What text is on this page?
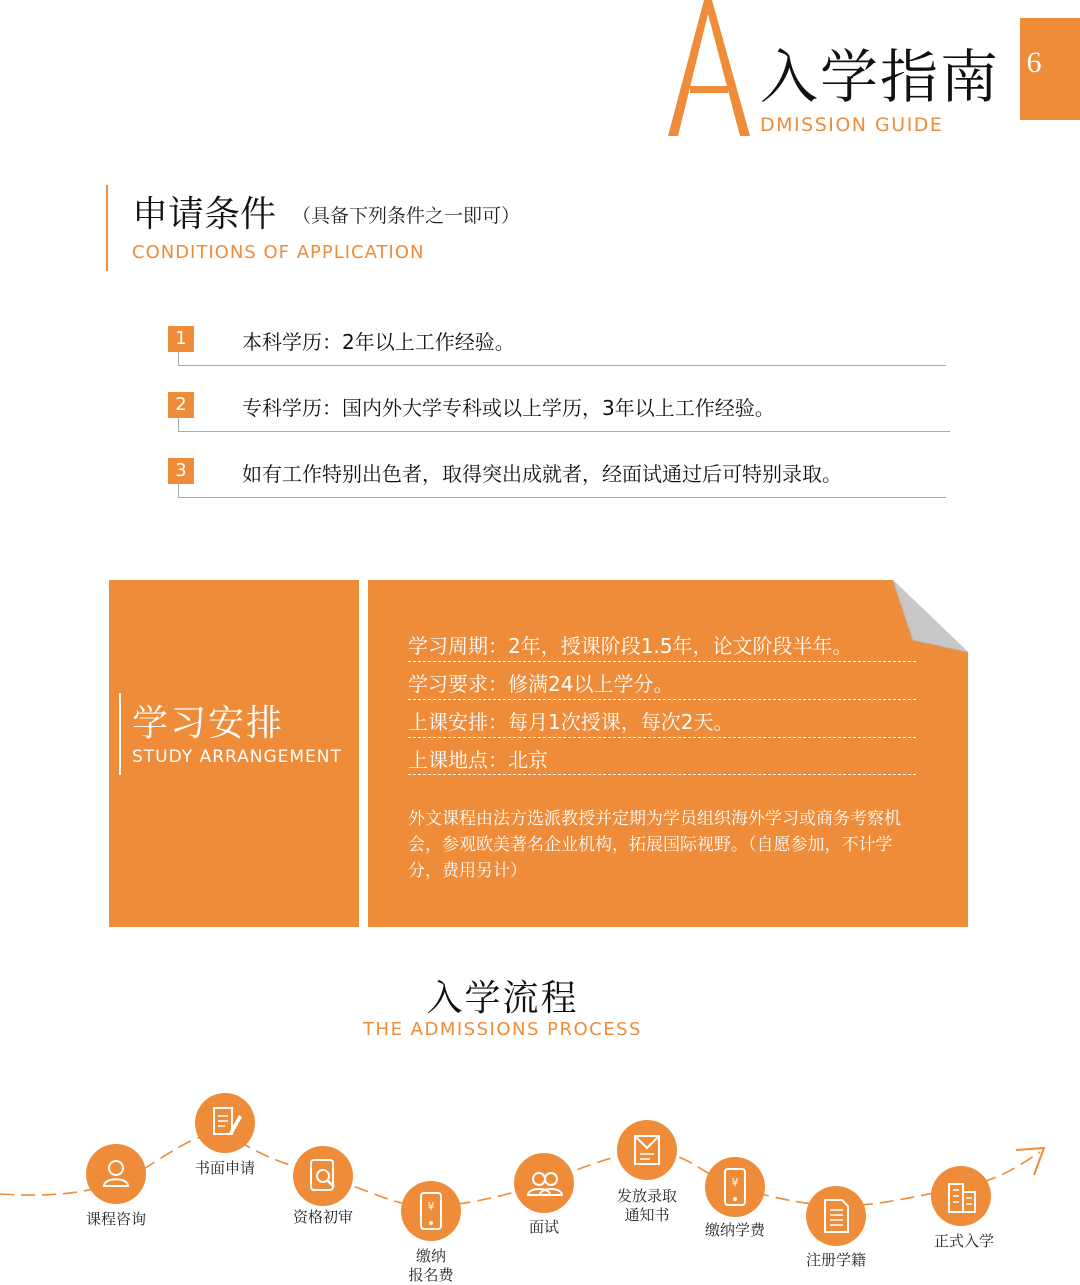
入学指南
DMISSION GUIDE
6
申请条件 （具备下列条件之一即可）
CONDITIONS OF APPLICATION
1	本科学历：2年以上工作经验。
2	专科学历：国内外大学专科或以上学历，3年以上工作经验。
3	如有工作特别出色者，取得突出成就者，经面试通过后可特别录取。
学习安排
STUDY ARRANGEMENT
学习周期：2年，授课阶段1.5年，论文阶段半年。
学习要求：修满24以上学分。
上课安排：每月1次授课，每次2天。
上课地点：北京
外文课程由法方选派教授并定期为学员组织海外学习或商务考察机会，参观欧美著名企业机构，拓展国际视野。（自愿参加，不计学分，费用另计）
入学流程
THE ADMISSIONS PROCESS
课程咨询
书面申请
资格初审
¥
缴纳
报名费
面试
发放录取
通知书
¥
缴纳学费
注册学籍
正式入学
